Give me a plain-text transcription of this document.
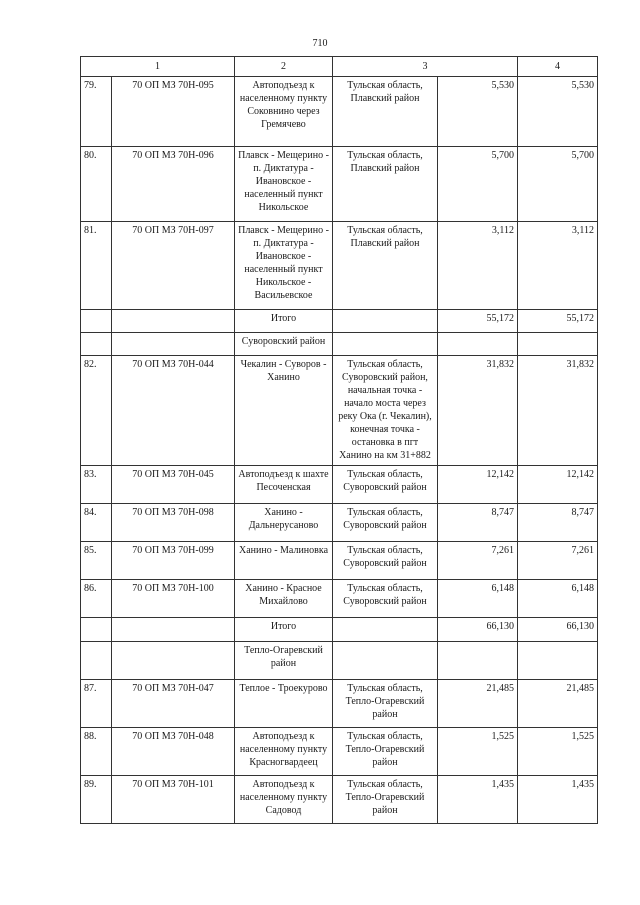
710
1		2	3		4
79.	70 ОП МЗ 70Н-095	Автоподъезд к населенному пункту Соковнино через Гремячево	Тульская область, Плавский район	5,530	5,530
80.	70 ОП МЗ 70Н-096	Плавск - Мещерино - п. Диктатура - Ивановское - населенный пункт Никольское	Тульская область, Плавский район	5,700	5,700
81.	70 ОП МЗ 70Н-097	Плавск - Мещерино - п. Диктатура - Ивановское - населенный пункт Никольское - Васильевское	Тульская область, Плавский район	3,112	3,112
		Итого		55,172	55,172
		Суворовский район			
82.	70 ОП МЗ 70Н-044	Чекалин - Суворов - Ханино	Тульская область, Суворовский район, начальная точка - начало моста через реку Ока (г. Чекалин), конечная точка - остановка в пгт Ханино на км 31+882	31,832	31,832
83.	70 ОП МЗ 70Н-045	Автоподъезд к шахте Песоченская	Тульская область, Суворовский район	12,142	12,142
84.	70 ОП МЗ 70Н-098	Ханино - Дальнерусаново	Тульская область, Суворовский район	8,747	8,747
85.	70 ОП МЗ 70Н-099	Ханино - Малиновка	Тульская область, Суворовский район	7,261	7,261
86.	70 ОП МЗ 70Н-100	Ханино - Красное Михайлово	Тульская область, Суворовский район	6,148	6,148
		Итого		66,130	66,130
		Тепло-Огаревский район			
87.	70 ОП МЗ 70Н-047	Теплое - Троекурово	Тульская область, Тепло-Огаревский район	21,485	21,485
88.	70 ОП МЗ 70Н-048	Автоподъезд к населенному пункту Красногвардеец	Тульская область, Тепло-Огаревский район	1,525	1,525
89.	70 ОП МЗ 70Н-101	Автоподъезд к населенному пункту Садовод	Тульская область, Тепло-Огаревский район	1,435	1,435
